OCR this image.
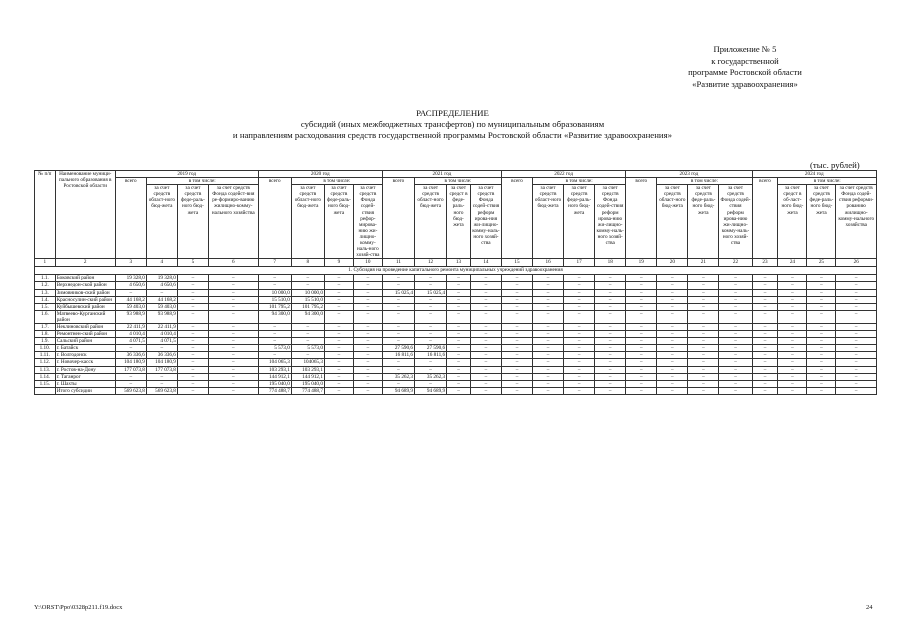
Приложение № 5
к государственной
программе Ростовской области
«Развитие здравоохранения»
РАСПРЕДЕЛЕНИЕ
субсидий (иных межбюджетных трансфертов) по муниципальным образованиям
и направлениям расходования средств государственной программы Ростовской области «Развитие здравоохранения»
(тыс. рублей)
№ п/п	Наименование муници-пального образования в Ростовской области	2019 год				2020 год				2021 год				2022 год				2023 год				2024 год			
		всего	в том числе:			всего	в том числе:			всего	в том числе:			всего	в том числе:			всего	в том числе:			всего	в том числе:		
			за счет средств област-ного бюд-жета	за счет средств феде-раль-ного бюд-жета	за счет средств Фонда содейст-вия ре-формиро-ванию жилищно-комму-нального хозяйства		за счет средств област-ного бюд-жета	за счет средств феде-раль-ного бюд-жета	за счет средств Фонда содей-ствия рефор-мирова-нию жи-лищно-комму-наль-ного хозяй-ства		за счет средств област-ного бюд-жета	за счет средст в феде-раль-ного бюд-жета	за счет средств Фонда содей-ствия реформ ирова-ния жи-лищно-комму-наль-ного хозяй-ства		за счет средств област-ного бюд-жета	за счет средств феде-раль-ного бюд-жета	за счет средств Фонда содей-ствия реформ ирова-нию жи-лищно-комму-наль-ного хозяй-ства		за счет средств област-ного бюд-жета	за счет средств феде-раль-ного бюд-жета	за счет средств Фонда содей-ствия реформ ирова-нию жи-лищно-комму-наль-ного хозяй-ства		за счет средст в об-ласт-ного бюд-жета	за счет средств феде-раль-ного бюд-жета	за счет средств Фонда содей-ствия реформи-рованию жилищно-комму-нального хозяйства
1	2	3	4	5	6	7	8	9	10	11	12	13	14	15	16	17	18	19	20	21	22	23	24	25	26
1. Субсидия на проведение капитального ремонта муниципальных учреждений здравоохранения																									
1.1.	Боковский район	19 328,0	19 328,0	–	–	–	–	–	–	–	–	–	–	–	–	–	–	–	–	–	–	–	–	–	–
1.2.	Верхнедон-ской район	4 650,6	4 650,6	–	–	–	–	–	–	–	–	–	–	–	–	–	–	–	–	–	–	–	–	–	–
1.3.	Зимовников-ский район	–	–	–	–	10 000,0	10 000,0	–	–	15 025,4	15 025,4	–	–	–	–	–	–	–	–	–	–	–	–	–	–
1.4.	Красносулин-ский район	44 168,2	44 168,2	–	–	15 510,0	15 510,0	–	–	–	–	–	–	–	–	–	–	–	–	–	–	–	–	–	–
1.5.	Куйбышевский район	59 403,0	59 403,0	–	–	101 795,2	101 795,2	–	–	–	–	–	–	–	–	–	–	–	–	–	–	–	–	–	–
1.6.	Матвеево-Курганский район	93 988,9	93 988,9	–	–	94 300,0	94 300,0	–	–	–	–	–	–	–	–	–	–	–	–	–	–	–	–	–	–
1.7.	Неклиновский район	22 411,9	22 411,9	–	–	–	–	–	–	–	–	–	–	–	–	–	–	–	–	–	–	–	–	–	–
1.8.	Ремонтнен-ский район	4 010,4	4 010,4	–	–	–	–	–	–	–	–	–	–	–	–	–	–	–	–	–	–	–	–	–	–
1.9.	Сальский район	4 071,5	4 071,5	–	–	–	–	–	–	–	–	–	–	–	–	–	–	–	–	–	–	–	–	–	–
1.10.	г. Батайск	–	–	–	–	5 573,0	5 573,0	–	–	27 590,6	27 590,6	–	–	–	–	–	–	–	–	–	–	–	–	–	–
1.11.	г. Волгодонск	36 336,6	36 336,6	–	–	–	–	–	–	16 811,6	16 811,6	–	–	–	–	–	–	–	–	–	–	–	–	–	–
1.12.	г. Новочер-касск	104 180,9	104 180,9	–	–	104 065,3	104065,3	–	–	–	–	–	–	–	–	–	–	–	–	–	–	–	–	–	–
1.13.	г. Ростов-на-Дону	177 073,8	177 073,8	–	–	103 293,1	103 293,1	–	–	–	–	–	–	–	–	–	–	–	–	–	–	–	–	–	–
1.14.	г. Таганрог	–	–	–	–	144 912,1	144 912,1	–	–	35 262,3	35 262,3	–	–	–	–	–	–	–	–	–	–	–	–	–	–
1.15.	г. Шахты	–	–	–	–	195 040,0	195 040,0	–	–	–	–	–	–	–	–	–	–	–	–	–	–	–	–	–	–
	Итого субсидии	569 623,8	569 623,8	–	–	774 488,7	774 488,7	–	–	94 689,9	94 689,9	–	–	–	–	–	–	–	–	–	–	–	–	–	–
Y:\ORST\Ppo\0328p211.f19.docx	24
